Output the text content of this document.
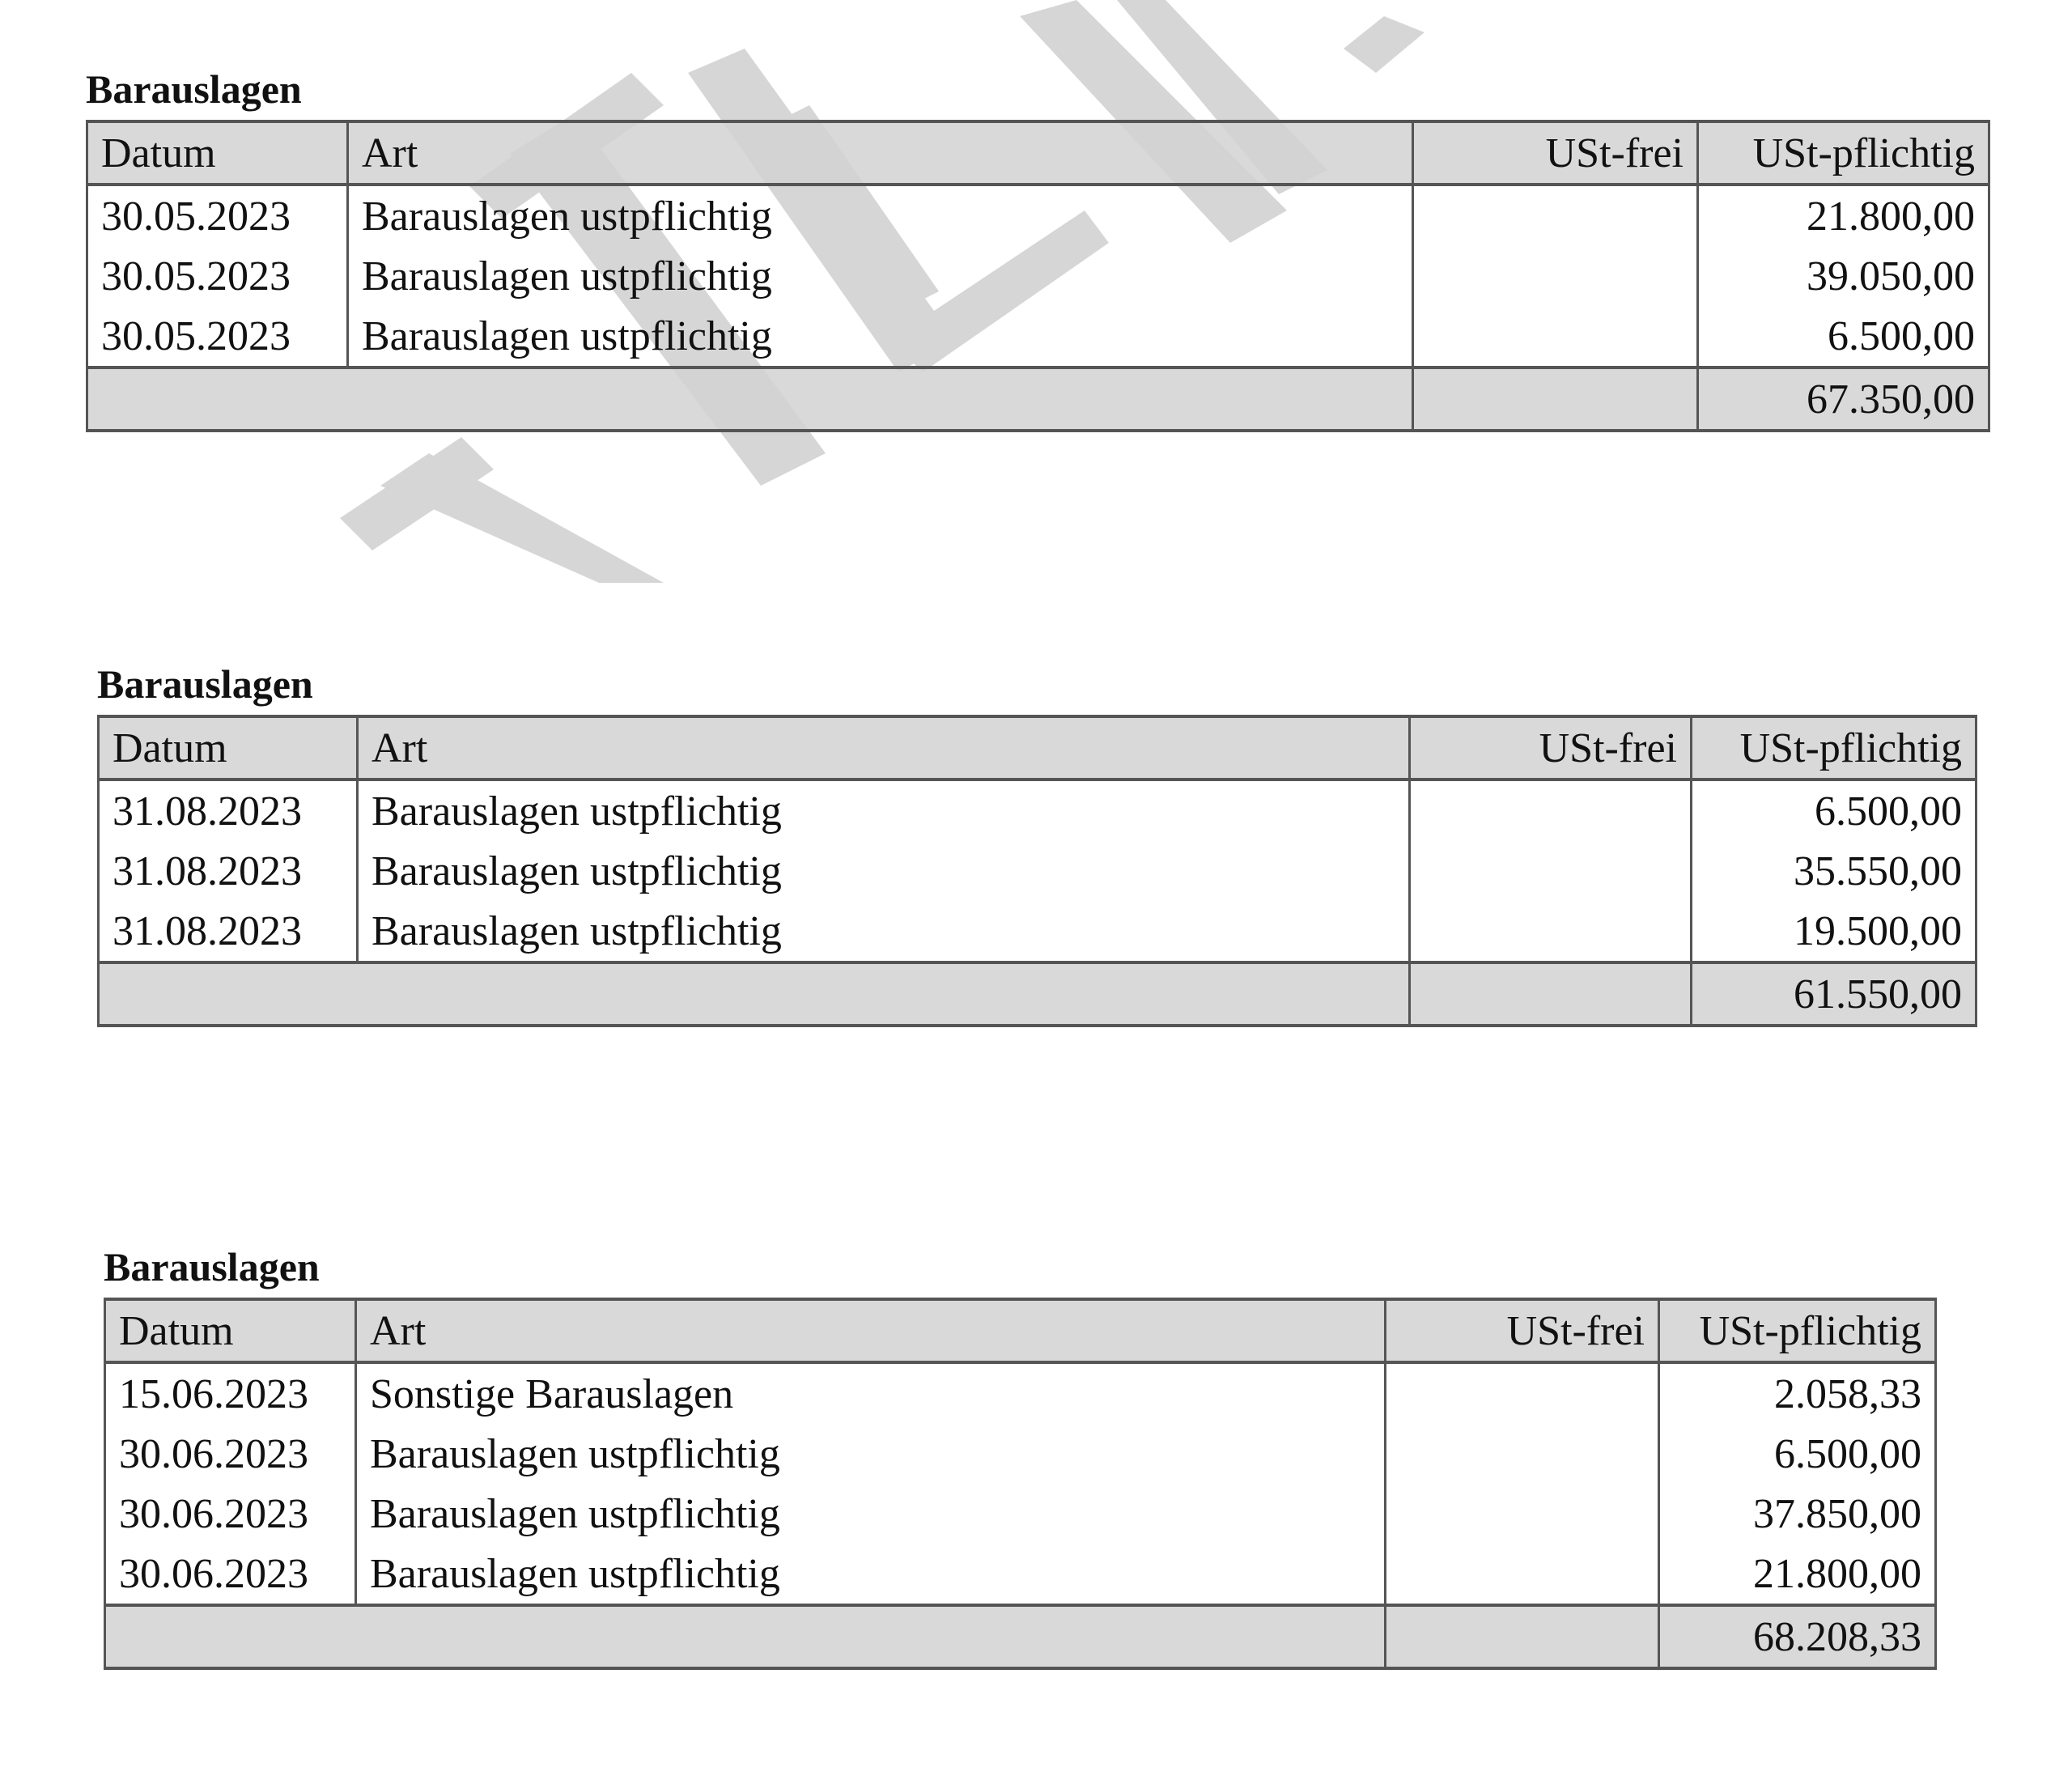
Barauslagen
Datum	Art	USt-frei	USt-pflichtig
30.05.2023	Barauslagen ustpflichtig		21.800,00
30.05.2023	Barauslagen ustpflichtig		39.050,00
30.05.2023	Barauslagen ustpflichtig		6.500,00
			67.350,00
Barauslagen
Datum	Art	USt-frei	USt-pflichtig
31.08.2023	Barauslagen ustpflichtig		6.500,00
31.08.2023	Barauslagen ustpflichtig		35.550,00
31.08.2023	Barauslagen ustpflichtig		19.500,00
			61.550,00
Barauslagen
Datum	Art	USt-frei	USt-pflichtig
15.06.2023	Sonstige Barauslagen		2.058,33
30.06.2023	Barauslagen ustpflichtig		6.500,00
30.06.2023	Barauslagen ustpflichtig		37.850,00
30.06.2023	Barauslagen ustpflichtig		21.800,00
			68.208,33
